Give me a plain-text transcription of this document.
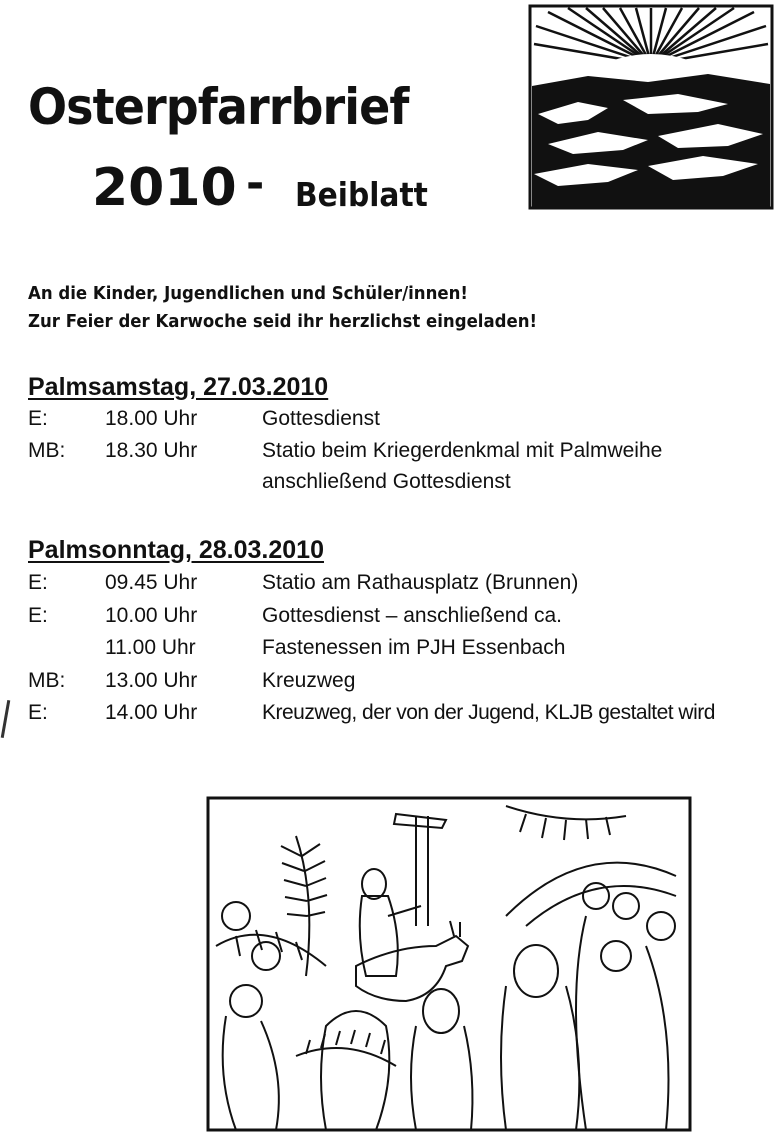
Osterpfarrbrief
2010 - Beiblatt
An die Kinder, Jugendlichen und Schüler/innen!
Zur Feier der Karwoche seid ihr herzlichst eingeladen!
Palmsamstag, 27.03.2010
E:	18.00 Uhr	Gottesdienst
MB: 18.30 Uhr	Statio beim Kriegerdenkmal mit Palmweihe
anschließend Gottesdienst
Palmsonntag, 28.03.2010
E:	09.45 Uhr	Statio am Rathausplatz (Brunnen)
E:	10.00 Uhr	Gottesdienst – anschließend ca.
11.00 Uhr	Fastenessen im PJH Essenbach
MB: 13.00 Uhr	Kreuzweg
E:	14.00 Uhr	Kreuzweg, der von der Jugend, KLJB gestaltet wird
